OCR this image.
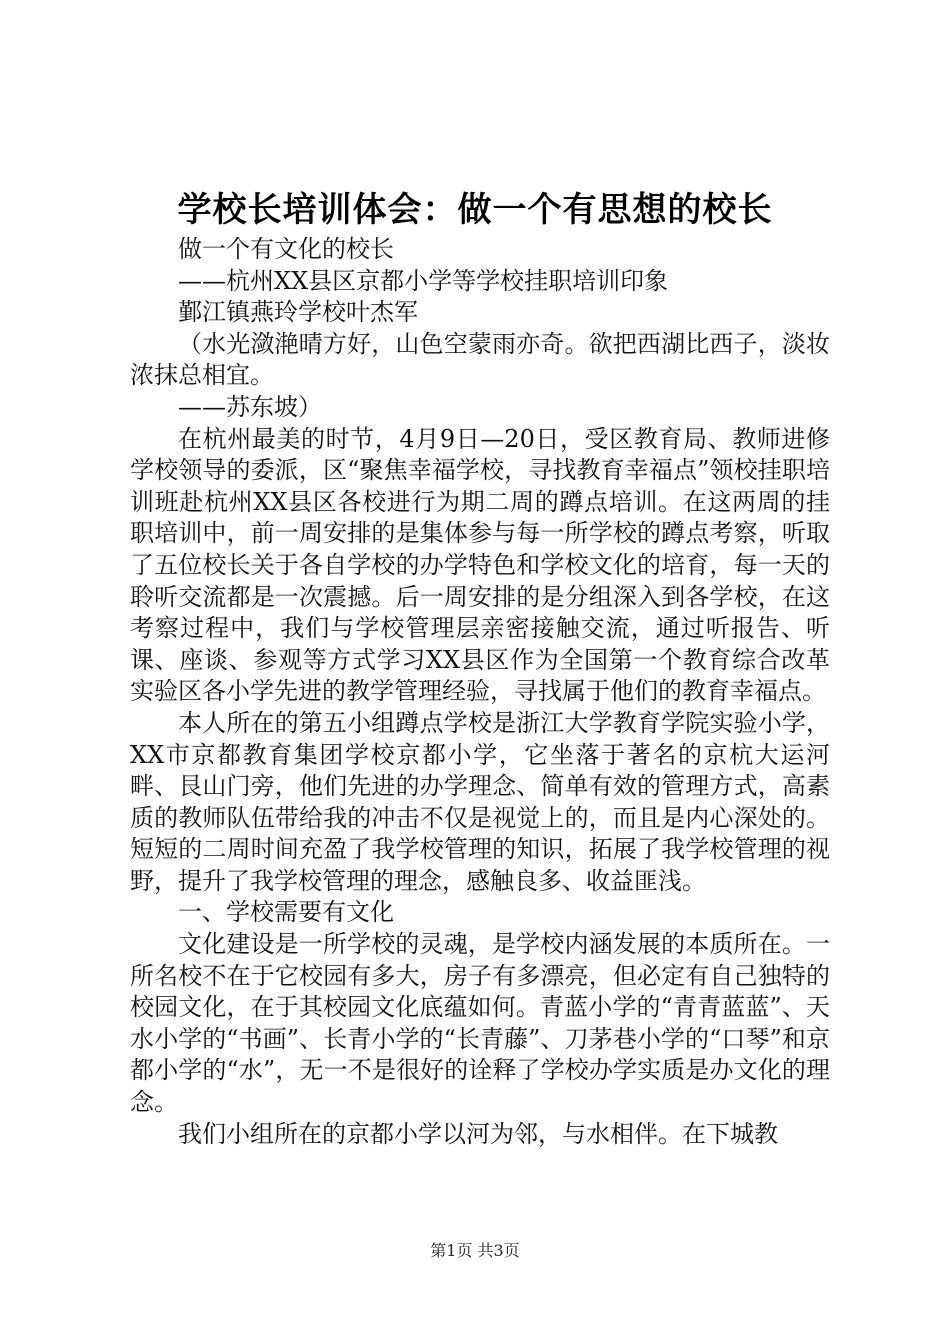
学校长培训体会：做一个有思想的校长

做一个有文化的校长

——杭州XX县区京都小学等学校挂职培训印象

鄞江镇燕玲学校叶杰军

（水光潋滟晴方好，山色空蒙雨亦奇。欲把西湖比西子，淡妆浓抹总相宜。

——苏东坡）

在杭州最美的时节，4月9日—20日，受区教育局、教师进修学校领导的委派，区“聚焦幸福学校，寻找教育幸福点”领校挂职培训班赴杭州XX县区各校进行为期二周的蹲点培训。在这两周的挂职培训中，前一周安排的是集体参与每一所学校的蹲点考察，听取了五位校长关于各自学校的办学特色和学校文化的培育，每一天的聆听交流都是一次震撼。后一周安排的是分组深入到各学校，在这考察过程中，我们与学校管理层亲密接触交流，通过听报告、听课、座谈、参观等方式学习XX县区作为全国第一个教育综合改革实验区各小学先进的教学管理经验，寻找属于他们的教育幸福点。

本人所在的第五小组蹲点学校是浙江大学教育学院实验小学，XX市京都教育集团学校京都小学，它坐落于著名的京杭大运河畔、艮山门旁，他们先进的办学理念、简单有效的管理方式，高素质的教师队伍带给我的冲击不仅是视觉上的，而且是内心深处的。短短的二周时间充盈了我学校管理的知识，拓展了我学校管理的视野，提升了我学校管理的理念，感触良多、收益匪浅。

一、学校需要有文化

文化建设是一所学校的灵魂，是学校内涵发展的本质所在。一所名校不在于它校园有多大，房子有多漂亮，但必定有自己独特的校园文化，在于其校园文化底蕴如何。青蓝小学的“青青蓝蓝”、天水小学的“书画”、长青小学的“长青藤”、刀茅巷小学的“口琴”和京都小学的“水”，无一不是很好的诠释了学校办学实质是办文化的理念。

我们小组所在的京都小学以河为邻，与水相伴。在下城教

第1页 共3页
